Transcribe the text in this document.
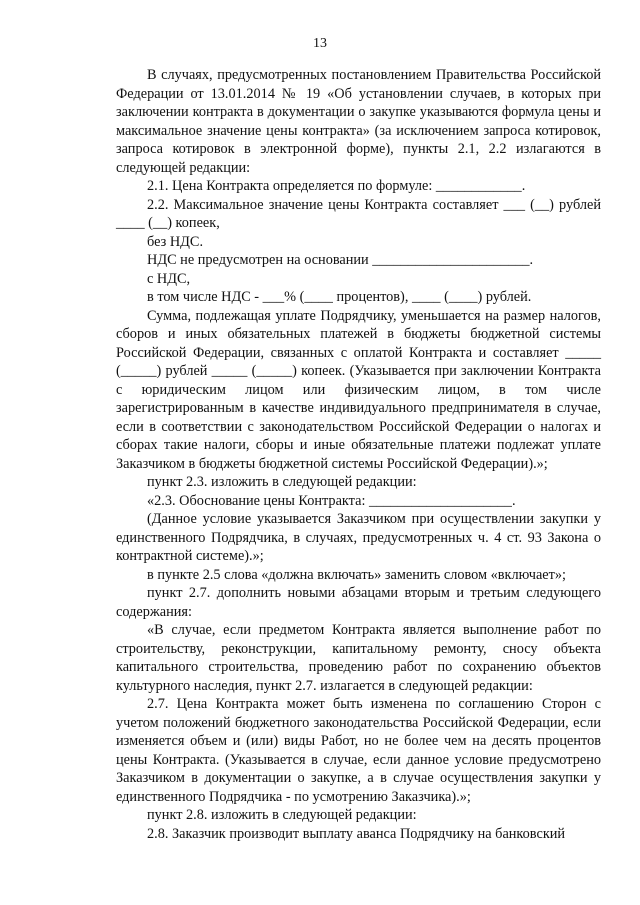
13

В случаях, предусмотренных постановлением Правительства Российской Федерации от 13.01.2014 № 19 «Об установлении случаев, в которых при заключении контракта в документации о закупке указываются формула цены и максимальное значение цены контракта» (за исключением запроса котировок, запроса котировок в электронной форме), пункты 2.1, 2.2 излагаются в следующей редакции:

2.1. Цена Контракта определяется по формуле: ____________.

2.2. Максимальное значение цены Контракта составляет ___ (__) рублей ____ (__) копеек,

без НДС.

НДС не предусмотрен на основании ______________________.

с НДС,

в том числе НДС - ___% (____ процентов), ____ (____) рублей.

Сумма, подлежащая уплате Подрядчику, уменьшается на размер налогов, сборов и иных обязательных платежей в бюджеты бюджетной системы Российской Федерации, связанных с оплатой Контракта и составляет _____ (_____) рублей _____ (_____) копеек. (Указывается при заключении Контракта с юридическим лицом или физическим лицом, в том числе зарегистрированным в качестве индивидуального предпринимателя в случае, если в соответствии с законодательством Российской Федерации о налогах и сборах такие налоги, сборы и иные обязательные платежи подлежат уплате Заказчиком в бюджеты бюджетной системы Российской Федерации).»;

пункт 2.3. изложить в следующей редакции:

«2.3. Обоснование цены Контракта: ____________________.

(Данное условие указывается Заказчиком при осуществлении закупки у единственного Подрядчика, в случаях, предусмотренных ч. 4 ст. 93 Закона о контрактной системе).»;

в пункте 2.5 слова «должна включать» заменить словом «включает»;

пункт 2.7. дополнить новыми абзацами вторым и третьим следующего содержания:

«В случае, если предметом Контракта является выполнение работ по строительству, реконструкции, капитальному ремонту, сносу объекта капитального строительства, проведению работ по сохранению объектов культурного наследия, пункт 2.7. излагается в следующей редакции:

2.7. Цена Контракта может быть изменена по соглашению Сторон с учетом положений бюджетного законодательства Российской Федерации, если изменяется объем и (или) виды Работ, но не более чем на десять процентов цены Контракта. (Указывается в случае, если данное условие предусмотрено Заказчиком в документации о закупке, а в случае осуществления закупки у единственного Подрядчика - по усмотрению Заказчика).»;

пункт 2.8. изложить в следующей редакции:

2.8. Заказчик производит выплату аванса Подрядчику на банковский
